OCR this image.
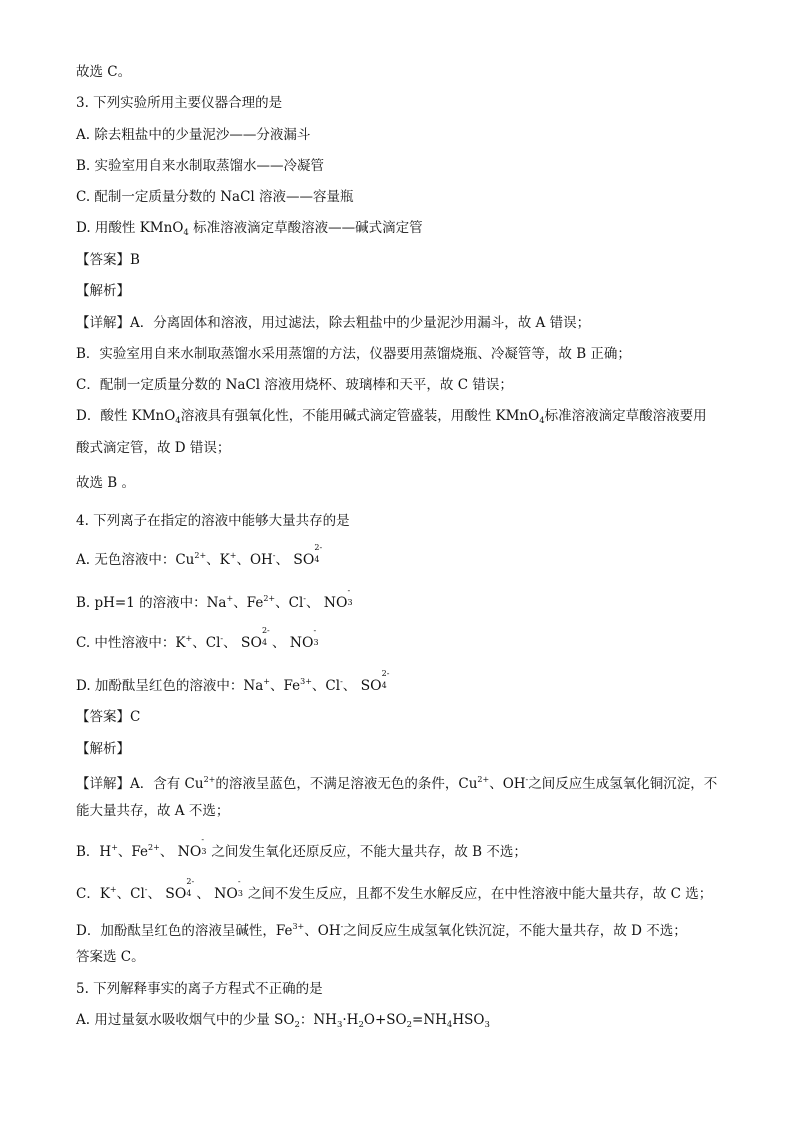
故选 C。
3. 下列实验所用主要仪器合理的是
A. 除去粗盐中的少量泥沙——分液漏斗
B. 实验室用自来水制取蒸馏水——冷凝管
C. 配制一定质量分数的 NaCl 溶液——容量瓶
D. 用酸性 KMnO$_4$ 标准溶液滴定草酸溶液——碱式滴定管
【答案】B
【解析】
【详解】A．分离固体和溶液，用过滤法，除去粗盐中的少量泥沙用漏斗，故 A 错误；
B．实验室用自来水制取蒸馏水采用蒸馏的方法，仪器要用蒸馏烧瓶、冷凝管等，故 B 正确；
C．配制一定质量分数的 NaCl 溶液用烧杯、玻璃棒和天平，故 C 错误；
D．酸性 KMnO$_4$溶液具有强氧化性，不能用碱式滴定管盛装，用酸性 KMnO$_4$标准溶液滴定草酸溶液要用
酸式滴定管，故 D 错误；
故选 B 。
4. 下列离子在指定的溶液中能够大量共存的是
A. 无色溶液中：$Cu^{2+}$、K+、OH-、 SO
2-
4
B. pH=1 的溶液中：Na+、$Fe^{2+}$、Cl-、 NO
-
3
C. 中性溶液中：K+、Cl-、 SO
2-
4 、 NO
-
3
D. 加酚酞呈红色的溶液中：Na+、$Fe^{3+}$、Cl-、 SO
2-
4
【答案】C
【解析】
【详解】A．含有 $Cu^{2+}$的溶液呈蓝色，不满足溶液无色的条件，$Cu^{2+}$、OH-之间反应生成氢氧化铜沉淀，不
能大量共存，故 A 不选；
B．H+、$Fe^{2+}$、 NO
-
3 之间发生氧化还原反应，不能大量共存，故 B 不选；
C．K+、Cl-、 SO
2-
4 、 NO
-
3 之间不发生反应，且都不发生水解反应，在中性溶液中能大量共存，故 C 选；
D．加酚酞呈红色的溶液呈碱性，$Fe^{3+}$、OH-之间反应生成氢氧化铁沉淀，不能大量共存，故 D 不选；
答案选 C。
5. 下列解释事实的离子方程式不正确的是
A. 用过量氨水吸收烟气中的少量 $SO_2$：$NH_3\cdot H_2O+SO_2=NH_4HSO_3$
